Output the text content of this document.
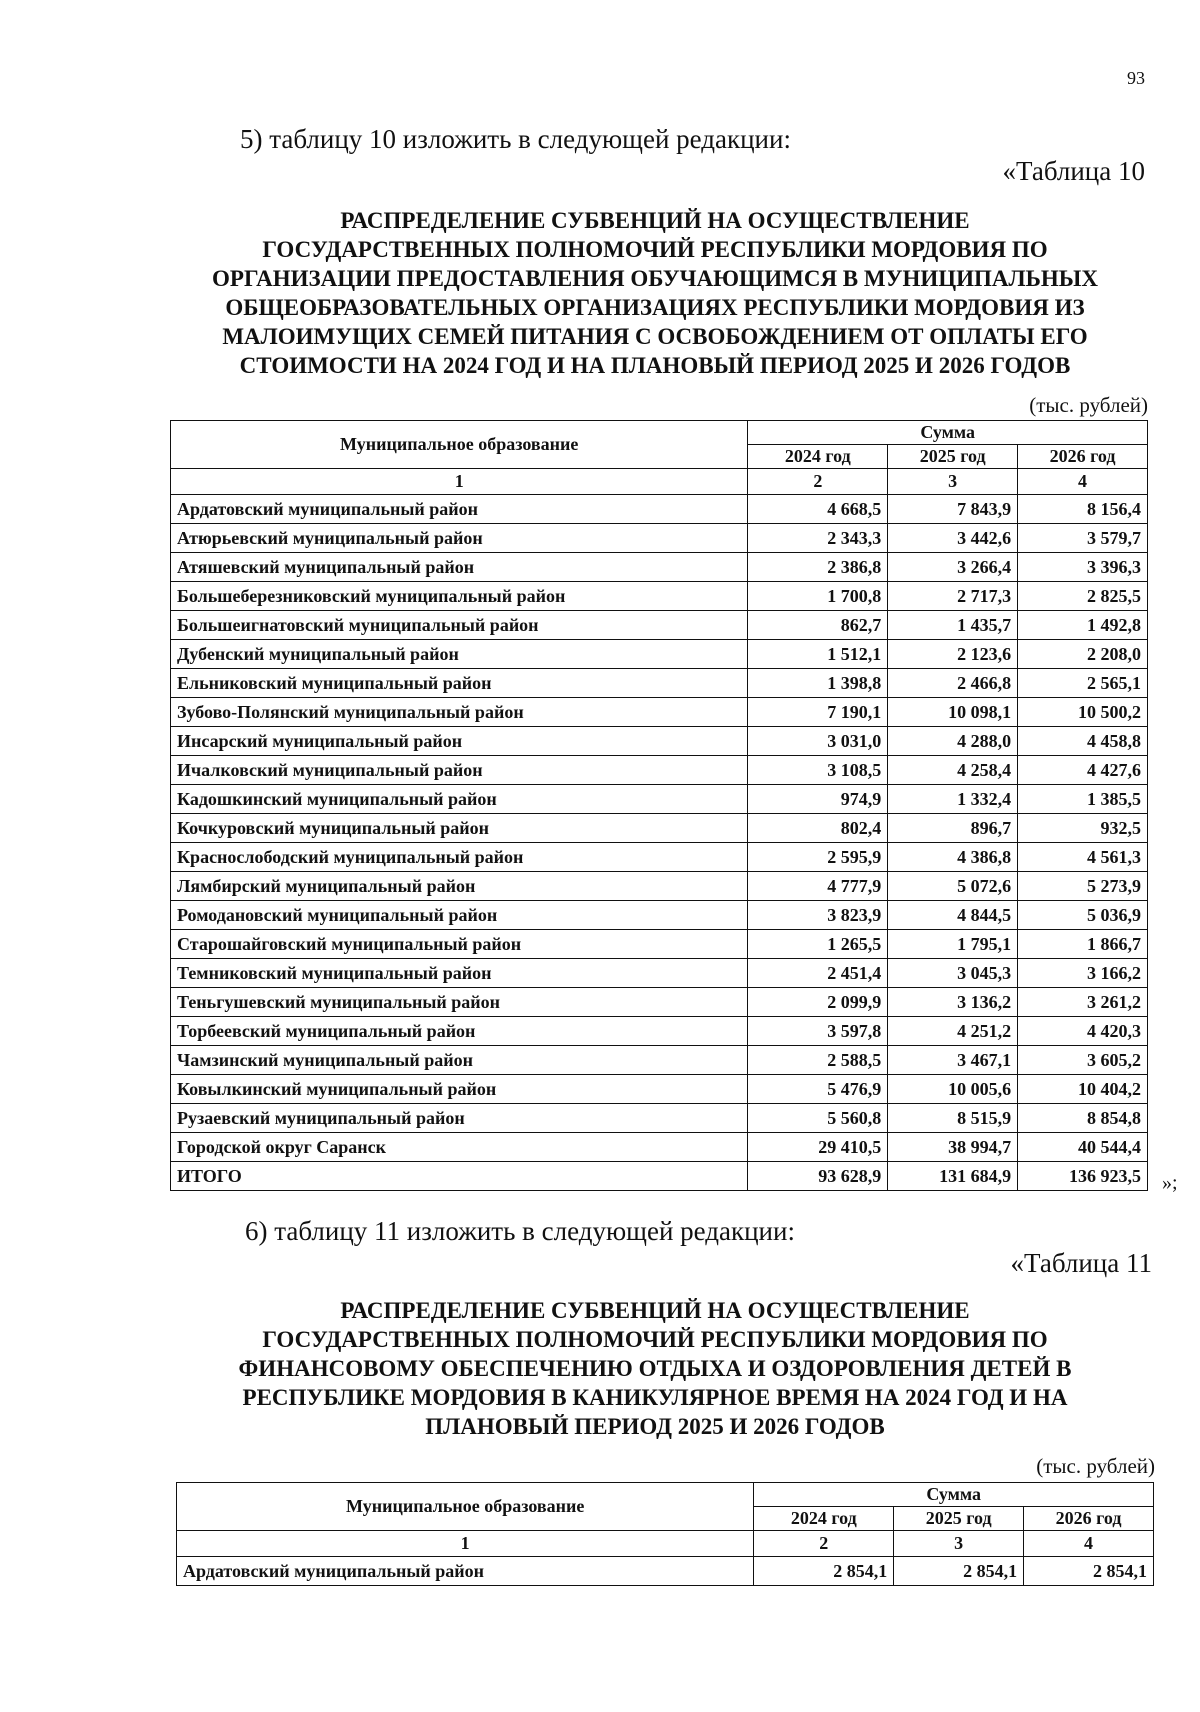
93
5) таблицу 10 изложить в следующей редакции:
«Таблица 10
РАСПРЕДЕЛЕНИЕ СУБВЕНЦИЙ НА ОСУЩЕСТВЛЕНИЕ
ГОСУДАРСТВЕННЫХ ПОЛНОМОЧИЙ РЕСПУБЛИКИ МОРДОВИЯ ПО
ОРГАНИЗАЦИИ ПРЕДОСТАВЛЕНИЯ ОБУЧАЮЩИМСЯ В МУНИЦИПАЛЬНЫХ
ОБЩЕОБРАЗОВАТЕЛЬНЫХ ОРГАНИЗАЦИЯХ РЕСПУБЛИКИ МОРДОВИЯ ИЗ
МАЛОИМУЩИХ СЕМЕЙ ПИТАНИЯ С ОСВОБОЖДЕНИЕМ ОТ ОПЛАТЫ ЕГО
СТОИМОСТИ НА 2024 ГОД И НА ПЛАНОВЫЙ ПЕРИОД 2025 И 2026 ГОДОВ
(тыс. рублей)
Муниципальное образование	Сумма		
	2024 год	2025 год	2026 год
1	2	3	4
Ардатовский муниципальный район	4 668,5	7 843,9	8 156,4
Атюрьевский муниципальный район	2 343,3	3 442,6	3 579,7
Атяшевский муниципальный район	2 386,8	3 266,4	3 396,3
Большеберезниковский муниципальный район	1 700,8	2 717,3	2 825,5
Большеигнатовский муниципальный район	862,7	1 435,7	1 492,8
Дубенский муниципальный район	1 512,1	2 123,6	2 208,0
Ельниковский муниципальный район	1 398,8	2 466,8	2 565,1
Зубово-Полянский муниципальный район	7 190,1	10 098,1	10 500,2
Инсарский муниципальный район	3 031,0	4 288,0	4 458,8
Ичалковский муниципальный район	3 108,5	4 258,4	4 427,6
Кадошкинский муниципальный район	974,9	1 332,4	1 385,5
Кочкуровский муниципальный район	802,4	896,7	932,5
Краснослободский муниципальный район	2 595,9	4 386,8	4 561,3
Лямбирский муниципальный район	4 777,9	5 072,6	5 273,9
Ромодановский муниципальный район	3 823,9	4 844,5	5 036,9
Старошайговский муниципальный район	1 265,5	1 795,1	1 866,7
Темниковский муниципальный район	2 451,4	3 045,3	3 166,2
Теньгушевский муниципальный район	2 099,9	3 136,2	3 261,2
Торбеевский муниципальный район	3 597,8	4 251,2	4 420,3
Чамзинский муниципальный район	2 588,5	3 467,1	3 605,2
Ковылкинский муниципальный район	5 476,9	10 005,6	10 404,2
Рузаевский муниципальный район	5 560,8	8 515,9	8 854,8
Городской округ Саранск	29 410,5	38 994,7	40 544,4
ИТОГО	93 628,9	131 684,9	136 923,5 »;
6) таблицу 11 изложить в следующей редакции:
«Таблица 11
РАСПРЕДЕЛЕНИЕ СУБВЕНЦИЙ НА ОСУЩЕСТВЛЕНИЕ
ГОСУДАРСТВЕННЫХ ПОЛНОМОЧИЙ РЕСПУБЛИКИ МОРДОВИЯ ПО
ФИНАНСОВОМУ ОБЕСПЕЧЕНИЮ ОТДЫХА И ОЗДОРОВЛЕНИЯ ДЕТЕЙ В
РЕСПУБЛИКЕ МОРДОВИЯ В КАНИКУЛЯРНОЕ ВРЕМЯ НА 2024 ГОД И НА
ПЛАНОВЫЙ ПЕРИОД 2025 И 2026 ГОДОВ
(тыс. рублей)
Муниципальное образование	Сумма		
	2024 год	2025 год	2026 год
1	2	3	4
Ардатовский муниципальный район	2 854,1	2 854,1	2 854,1
